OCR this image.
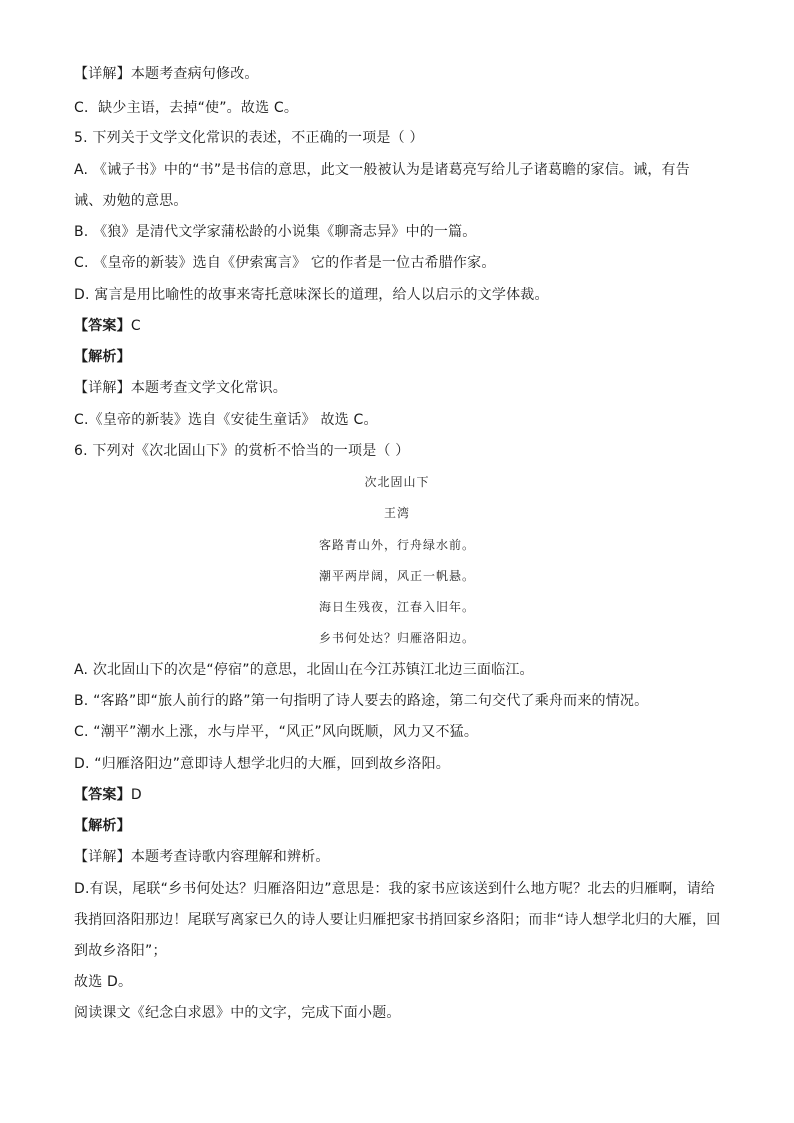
【详解】本题考查病句修改。
C．缺少主语，去掉“使”。故选 C。
5. 下列关于文学文化常识的表述，不正确的一项是（ ）
A. 《诫子书》中的“书”是书信的意思，此文一般被认为是诸葛亮写给儿子诸葛瞻的家信。诫，有告
诫、劝勉的意思。
B. 《狼》是清代文学家蒲松龄的小说集《聊斋志异》中的一篇。
C. 《皇帝的新装》选自《伊索寓言》 它的作者是一位古希腊作家。
D. 寓言是用比喻性的故事来寄托意味深长的道理，给人以启示的文学体裁。
【答案】C
【解析】
【详解】本题考查文学文化常识。
C.《皇帝的新装》选自《安徒生童话》 故选 C。
6. 下列对《次北固山下》的赏析不恰当的一项是（ ）
次北固山下
王湾
客路青山外，行舟绿水前。
潮平两岸阔，风正一帆悬。
海日生残夜，江春入旧年。
乡书何处达？归雁洛阳边。
A. 次北固山下的次是“停宿”的意思，北固山在今江苏镇江北边三面临江。
B. “客路”即“旅人前行的路”第一句指明了诗人要去的路途，第二句交代了乘舟而来的情况。
C. “潮平”潮水上涨，水与岸平，“风正”风向既顺，风力又不猛。
D. “归雁洛阳边”意即诗人想学北归的大雁，回到故乡洛阳。
【答案】D
【解析】
【详解】本题考查诗歌内容理解和辨析。
D.有误，尾联“乡书何处达？归雁洛阳边”意思是：我的家书应该送到什么地方呢？北去的归雁啊，请给
我捎回洛阳那边！尾联写离家已久的诗人要让归雁把家书捎回家乡洛阳；而非“诗人想学北归的大雁，回
到故乡洛阳”；
故选 D。
阅读课文《纪念白求恩》中的文字，完成下面小题。
